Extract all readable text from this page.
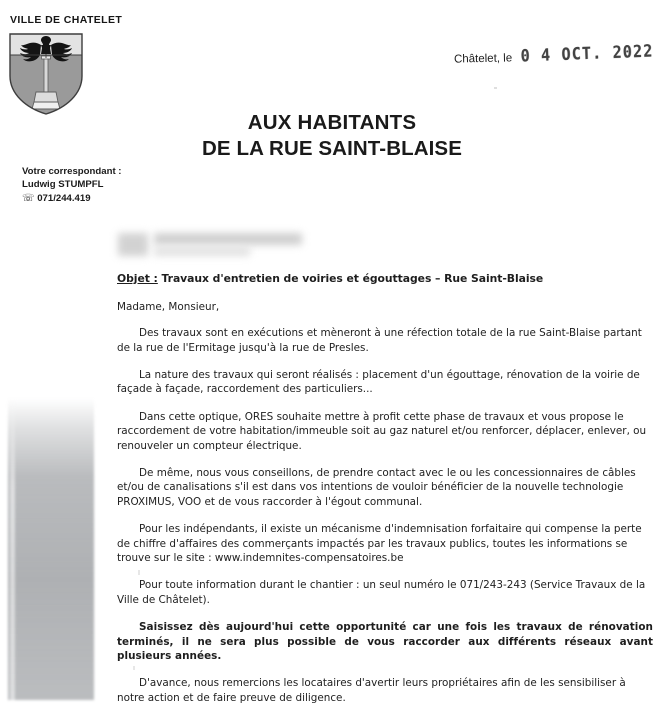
VILLE DE CHATELET
Châtelet, le 0 4 OCT. 2022
AUX HABITANTS
DE LA RUE SAINT-BLAISE
Votre correspondant :
Ludwig STUMPFL
☏ 071/244.419
Objet : Travaux d'entretien de voiries et égouttages – Rue Saint-Blaise
Madame, Monsieur,

Des travaux sont en exécutions et mèneront à une réfection totale de la rue Saint-Blaise partant de la rue de l'Ermitage jusqu'à la rue de Presles.

La nature des travaux qui seront réalisés : placement d'un égouttage, rénovation de la voirie de façade à façade, raccordement des particuliers...

Dans cette optique, ORES souhaite mettre à profit cette phase de travaux et vous propose le raccordement de votre habitation/immeuble soit au gaz naturel et/ou renforcer, déplacer, enlever, ou renouveler un compteur électrique.

De même, nous vous conseillons, de prendre contact avec le ou les concessionnaires de câbles et/ou de canalisations s'il est dans vos intentions de vouloir bénéficier de la nouvelle technologie PROXIMUS, VOO et de vous raccorder à l'égout communal.

Pour les indépendants, il existe un mécanisme d'indemnisation forfaitaire qui compense la perte de chiffre d'affaires des commerçants impactés par les travaux publics, toutes les informations se trouve sur le site : www.indemnites-compensatoires.be

Pour toute information durant le chantier : un seul numéro le 071/243-243 (Service Travaux de la Ville de Châtelet).

Saisissez dès aujourd'hui cette opportunité car une fois les travaux de rénovation terminés, il ne sera plus possible de vous raccorder aux différents réseaux avant plusieurs années.

D'avance, nous remercions les locataires d'avertir leurs propriétaires afin de les sensibiliser à notre action et de faire preuve de diligence.
